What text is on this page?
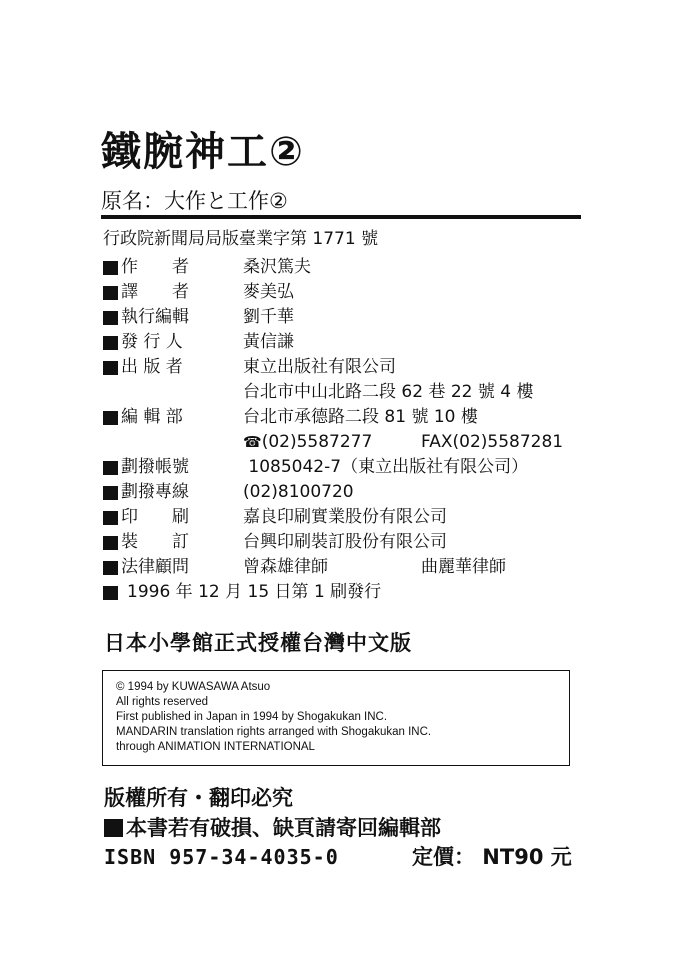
鐵腕神工②
原名：大作と工作②
行政院新聞局局版臺業字第 1771 號
作　　者	桑沢篤夫
譯　　者	麥美弘
執行編輯	劉千華
發 行 人	黃信謙
出 版 者	東立出版社有限公司
台北市中山北路二段 62 巷 22 號 4 樓
編 輯 部	台北市承德路二段 81 號 10 樓
☎(02)5587277	FAX(02)5587281
劃撥帳號	1085042-7（東立出版社有限公司）
劃撥專線	(02)8100720
印　　刷	嘉良印刷實業股份有限公司
裝　　訂	台興印刷裝訂股份有限公司
法律顧問	曾森雄律師	曲麗華律師
1996 年 12 月 15 日第 1 刷發行
日本小學館正式授權台灣中文版
© 1994 by KUWASAWA Atsuo
All rights reserved
First published in Japan in 1994 by Shogakukan INC.
MANDARIN translation rights arranged with Shogakukan INC.
through ANIMATION INTERNATIONAL
版權所有・翻印必究
本書若有破損、缺頁請寄回編輯部
ISBN 957-34-4035-0	定價： NT90 元
